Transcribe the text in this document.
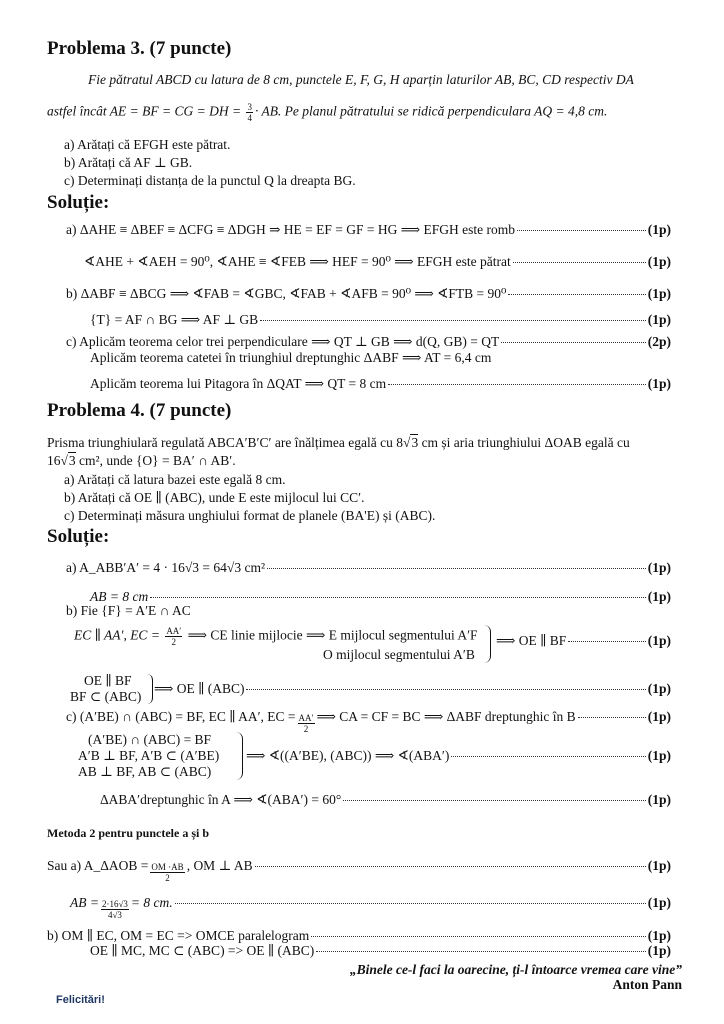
Problema 3. (7 puncte)
Fie pătratul ABCD cu latura de 8 cm, punctele E, F, G, H aparțin laturilor AB, BC, CD respectiv DA
astfel încât AE = BF = CG = DH = $\frac{3}{4}$ · AB. Pe planul pătratului se ridică perpendiculara AQ = 4,8 cm.
a) Arătați că EFGH este pătrat.
b) Arătați că AF ⊥ GB.
c) Determinați distanța de la punctul Q la dreapta BG.
Soluție:
a) ΔAHE ≡ ΔBEF ≡ ΔCFG ≡ ΔDGH ⇒ HE = EF = GF = HG ⟹ EFGH este romb	(1p)
∢AHE + ∢AEH = 90⁰, ∢AHE ≡ ∢FEB ⟹ HEF = 90⁰ ⟹ EFGH este pătrat	(1p)
b) ΔABF ≡ ΔBCG ⟹ ∢FAB = ∢GBC, ∢FAB + ∢AFB = 90⁰ ⟹ ∢FTB = 90⁰	(1p)
{T} = AF ∩ BG ⟹ AF ⊥ GB	(1p)
c) Aplicăm teorema celor trei perpendiculare ⟹ QT ⊥ GB ⟹ d(Q, GB) = QT	(2p)
Aplicăm teorema catetei în triunghiul dreptunghic ΔABF ⟹ AT = 6,4 cm
Aplicăm teorema lui Pitagora în ΔQAT ⟹ QT = 8 cm	(1p)
Problema 4. (7 puncte)
Prisma triunghiulară regulată ABCA′B′C′ are înălțimea egală cu 8√3 cm și aria triunghiului ΔOAB egală cu
16√3 cm², unde {O} = BA′ ∩ AB′.
a) Arătați că latura bazei este egală 8 cm.
b) Arătați că OE ∥ (ABC), unde E este mijlocul lui CC′.
c) Determinați măsura unghiului format de planele (BA'E) și (ABC).
Soluție:
a) A_ABB′A′ = 4 · 16√3 = 64√3 cm²	(1p)
AB = 8 cm	(1p)
b) Fie {F} = A′E ∩ AC
EC ∥ AA′, EC = $\frac{AA'}{2}$ ⟹ CE linie mijlocie ⟹ E mijlocul segmentului A′F
O mijlocul segmentului A′B
⟹ OE ∥ BF	(1p)
OE ∥ BF
BF ⊂ (ABC)
⟹ OE ∥ (ABC)	(1p)
c) (A′BE) ∩ (ABC) = BF, EC ∥ AA′, EC = $\frac{AA'}{2}$ ⟹ CA = CF = BC ⟹ ΔABF dreptunghic în B	(1p)
(A′BE) ∩ (ABC) = BF
A′B ⊥ BF, A′B ⊂ (A′BE)
AB ⊥ BF, AB ⊂ (ABC)
⟹ ∢((A′BE), (ABC)) ⟹ ∢(ABA′)	(1p)
ΔABA′dreptunghic în A ⟹ ∢(ABA′) = 60°	(1p)
Metoda 2 pentru punctele a și b
Sau a) A_ΔAOB = $\frac{OM \cdot AB}{2}$ , OM ⊥ AB	(1p)
AB = $\frac{2\cdot 16√3}{4√3} = 8$ cm.	(1p)
b) OM ∥ EC, OM = EC => OMCE paralelogram	(1p)
OE ∥ MC, MC ⊂ (ABC) => OE ∥ (ABC)	(1p)
„Binele ce-l faci la oarecine, ți-l întoarce vremea care vine”
Anton Pann
Felicitări!
